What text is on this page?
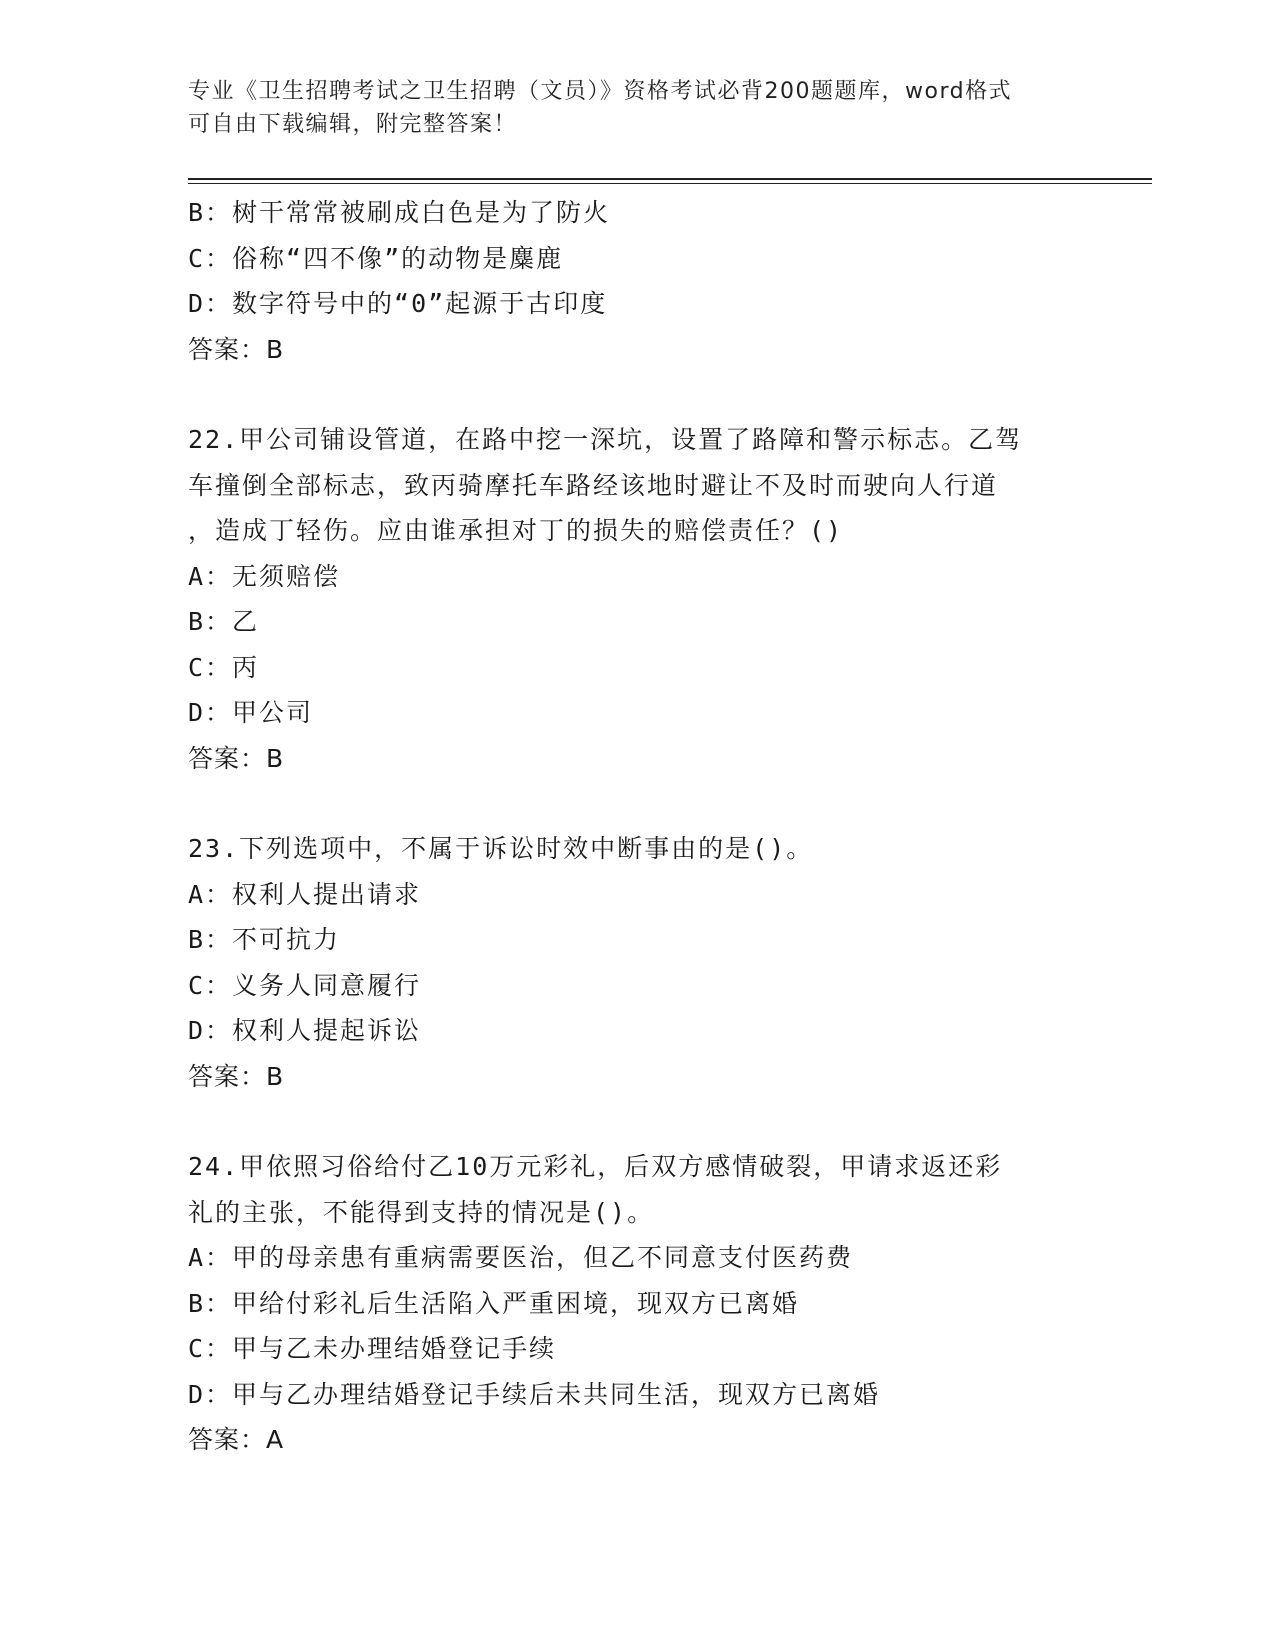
专业《卫生招聘考试之卫生招聘（文员）》资格考试必背200题题库，word格式
可自由下载编辑，附完整答案！
B：树干常常被刷成白色是为了防火
C：俗称“四不像”的动物是麋鹿
D：数字符号中的“0”起源于古印度
答案：B
22.甲公司铺设管道，在路中挖一深坑，设置了路障和警示标志。乙驾
车撞倒全部标志，致丙骑摩托车路经该地时避让不及时而驶向人行道
，造成丁轻伤。应由谁承担对丁的损失的赔偿责任？()
A：无须赔偿
B：乙
C：丙
D：甲公司
答案：B
23.下列选项中，不属于诉讼时效中断事由的是()。
A：权利人提出请求
B：不可抗力
C：义务人同意履行
D：权利人提起诉讼
答案：B
24.甲依照习俗给付乙10万元彩礼，后双方感情破裂，甲请求返还彩
礼的主张，不能得到支持的情况是()。
A：甲的母亲患有重病需要医治，但乙不同意支付医药费
B：甲给付彩礼后生活陷入严重困境，现双方已离婚
C：甲与乙未办理结婚登记手续
D：甲与乙办理结婚登记手续后未共同生活，现双方已离婚
答案：A
